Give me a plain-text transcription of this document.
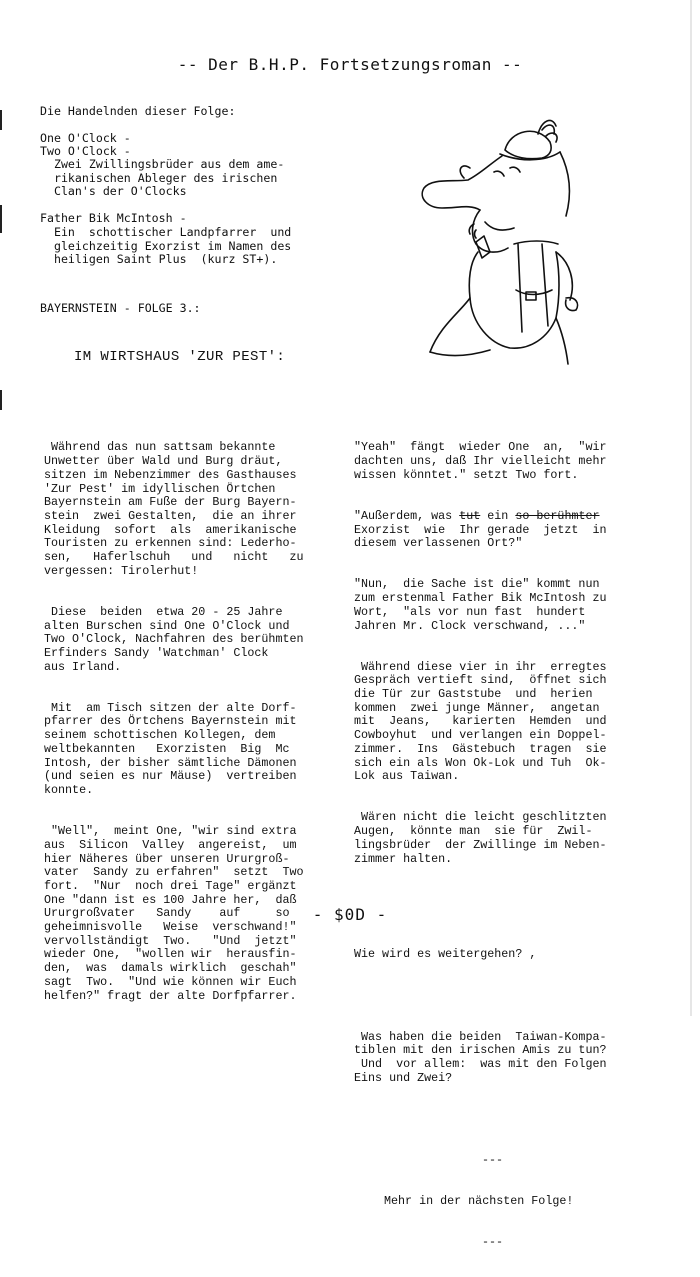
-- Der B.H.P. Fortsetzungsroman --
Die Handelnden dieser Folge:
One O'Clock -
Two O'Clock -
Zwei Zwillingsbrüder aus dem ame-
rikanischen Ableger des irischen
Clan's der O'Clocks
Father Bik McIntosh -
Ein  schottischer Landpfarrer  und
gleichzeitig Exorzist im Namen des
heiligen Saint Plus  (kurz ST+).
BAYERNSTEIN - FOLGE 3.:
IM WIRTSHAUS 'ZUR PEST':

Während das nun sattsam bekannte
Unwetter über Wald und Burg dräut,
sitzen im Nebenzimmer des Gasthauses
'Zur Pest' im idyllischen Örtchen
Bayernstein am Fuße der Burg Bayern-
stein  zwei Gestalten,  die an ihrer
Kleidung  sofort  als  amerikanische
Touristen zu erkennen sind: Lederho-
sen,   Haferlschuh   und   nicht   zu
vergessen: Tirolerhut!

Diese  beiden  etwa 20 - 25 Jahre
alten Burschen sind One O'Clock und
Two O'Clock, Nachfahren des berühmten
Erfinders Sandy 'Watchman' Clock
aus Irland.

Mit  am Tisch sitzen der alte Dorf-
pfarrer des Örtchens Bayernstein mit
seinem schottischen Kollegen, dem
weltbekannten   Exorzisten  Big  Mc
Intosh, der bisher sämtliche Dämonen
(und seien es nur Mäuse)  vertreiben
konnte.

"Well",  meint One, "wir sind extra
aus  Silicon  Valley  angereist,  um
hier Näheres über unseren Ururgroß-
vater  Sandy zu erfahren"  setzt  Two
fort.  "Nur  noch drei Tage" ergänzt
One "dann ist es 100 Jahre her,  daß
Ururgroßvater   Sandy    auf     so
geheimnisvolle   Weise  verschwand!"
vervollständigt  Two.   "Und  jetzt"
wieder One,  "wollen wir  herausfin-
den,  was  damals wirklich  geschah"
sagt  Two.  "Und wie können wir Euch
helfen?" fragt der alte Dorfpfarrer.

"Yeah"  fängt  wieder One  an,  "wir
dachten uns, daß Ihr vielleicht mehr
wissen könntet." setzt Two fort.

"Außerdem, was tut ein so berühmter
Exorzist  wie  Ihr gerade  jetzt  in
diesem verlassenen Ort?"

"Nun,  die Sache ist die" kommt nun
zum erstenmal Father Bik McIntosh zu
Wort,  "als vor nun fast  hundert
Jahren Mr. Clock verschwand, ..."

Während diese vier in ihr  erregtes
Gespräch vertieft sind,  öffnet sich
die Tür zur Gaststube  und  herien
kommen  zwei junge Männer,  angetan
mit  Jeans,   karierten  Hemden  und
Cowboyhut  und verlangen ein Doppel-
zimmer.  Ins  Gästebuch  tragen  sie
sich ein als Won Ok-Lok und Tuh  Ok-
Lok aus Taiwan.

Wären nicht die leicht geschlitzten
Augen,  könnte man  sie für  Zwil-
lingsbrüder  der Zwillinge im Neben-
zimmer halten.

Wie wird es weitergehen? ,

Was haben die beiden  Taiwan-Kompa-
tiblen mit den irischen Amis zu tun?
Und  vor allem:  was mit den Folgen
Eins und Zwei?

---

Mehr in der nächsten Folge!

---

- $0D -
